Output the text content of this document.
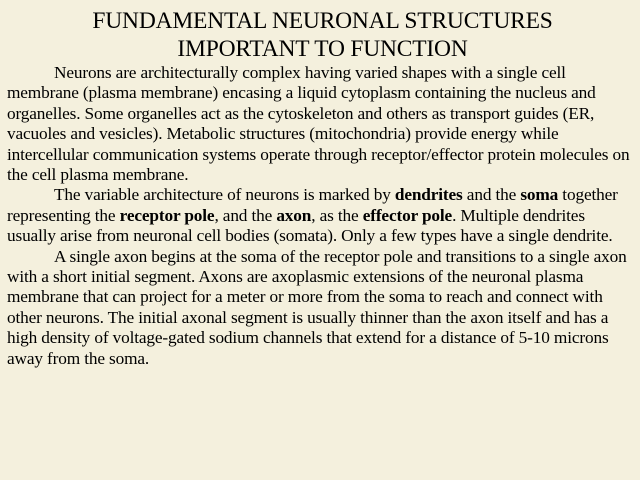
FUNDAMENTAL NEURONAL STRUCTURES
IMPORTANT TO FUNCTION

Neurons are architecturally complex having varied shapes with a single cell membrane (plasma membrane) encasing a liquid cytoplasm containing the nucleus and organelles. Some organelles act as the cytoskeleton and others as transport guides (ER, vacuoles and vesicles). Metabolic structures (mitochondria) provide energy while intercellular communication systems operate through receptor/effector protein molecules on the cell plasma membrane.

The variable architecture of neurons is marked by dendrites and the soma together representing the receptor pole, and the axon, as the effector pole. Multiple dendrites usually arise from neuronal cell bodies (somata). Only a few types have a single dendrite.

A single axon begins at the soma of the receptor pole and transitions to a single axon with a short initial segment. Axons are axoplasmic extensions of the neuronal plasma membrane that can project for a meter or more from the soma to reach and connect with other neurons. The initial axonal segment is usually thinner than the axon itself and has a high density of voltage-gated sodium channels that extend for a distance of 5-10 microns away from the soma.
